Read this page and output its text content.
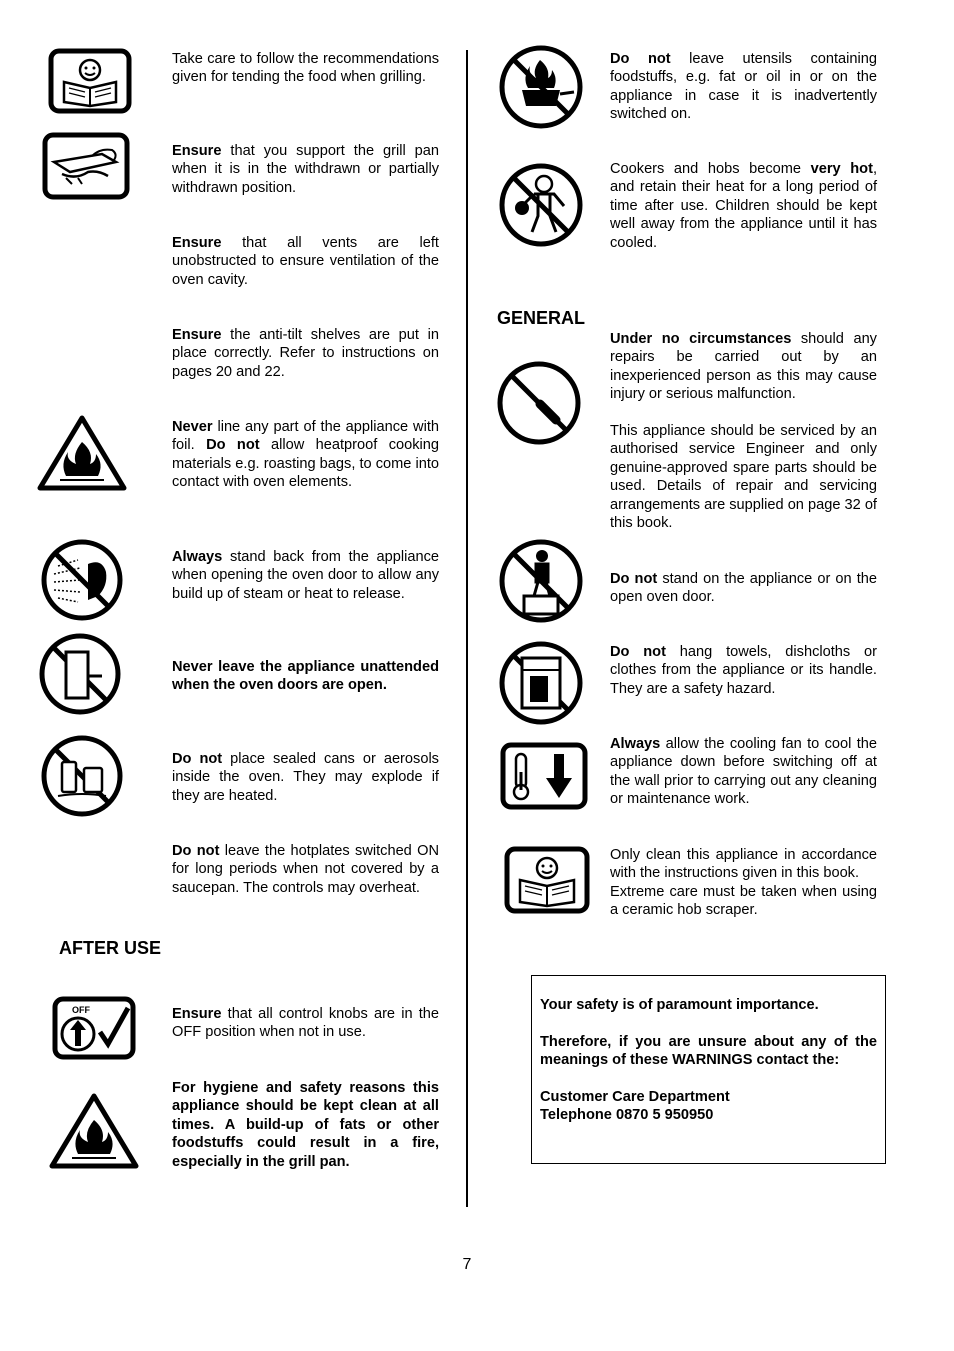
Take care to follow the recommendations given for tending the food when grilling.
Ensure that you support the grill pan when it is in the withdrawn or partially withdrawn position.
Ensure that all vents are left unobstructed to ensure ventilation of the oven cavity.
Ensure the anti-tilt shelves are put in place correctly. Refer to instructions on pages 20 and 22.
Never line any part of the appliance with foil. Do not allow heatproof cooking materials e.g. roasting bags, to come into contact with oven elements.
Always stand back from the appliance when opening the oven door to allow any build up of steam or heat to release.
Never leave the appliance unattended when the oven doors are open.
Do not place sealed cans or aerosols inside the oven. They may explode if they are heated.
Do not leave the hotplates switched ON for long periods when not covered by a saucepan. The controls may overheat.
AFTER USE
OFF	Ensure that all control knobs are in the OFF position when not in use.
For hygiene and safety reasons this appliance should be kept clean at all times. A build-up of fats or other foodstuffs could result in a fire, especially in the grill pan.
Do not leave utensils containing foodstuffs, e.g. fat or oil in or on the appliance in case it is inadvertently switched on.
Cookers and hobs become very hot, and retain their heat for a long period of time after use. Children should be kept well away from the appliance until it has cooled.
GENERAL
Under no circumstances should any repairs be carried out by an inexperienced person as this may cause injury or serious malfunction.
This appliance should be serviced by an authorised service Engineer and only genuine-approved spare parts should be used. Details of repair and servicing arrangements are supplied on page 32 of this book.
Do not stand on the appliance or on the open oven door.
Do not hang towels, dishcloths or clothes from the appliance or its handle. They are a safety hazard.
Always allow the cooling fan to cool the appliance down before switching off at the wall prior to carrying out any cleaning or maintenance work.
Only clean this appliance in accordance with the instructions given in this book.
Extreme care must be taken when using a ceramic hob scraper.

Your safety is of paramount importance.

Therefore, if you are unsure about any of the meanings of these WARNINGS contact the:

Customer Care Department

Telephone 0870 5 950950

7
